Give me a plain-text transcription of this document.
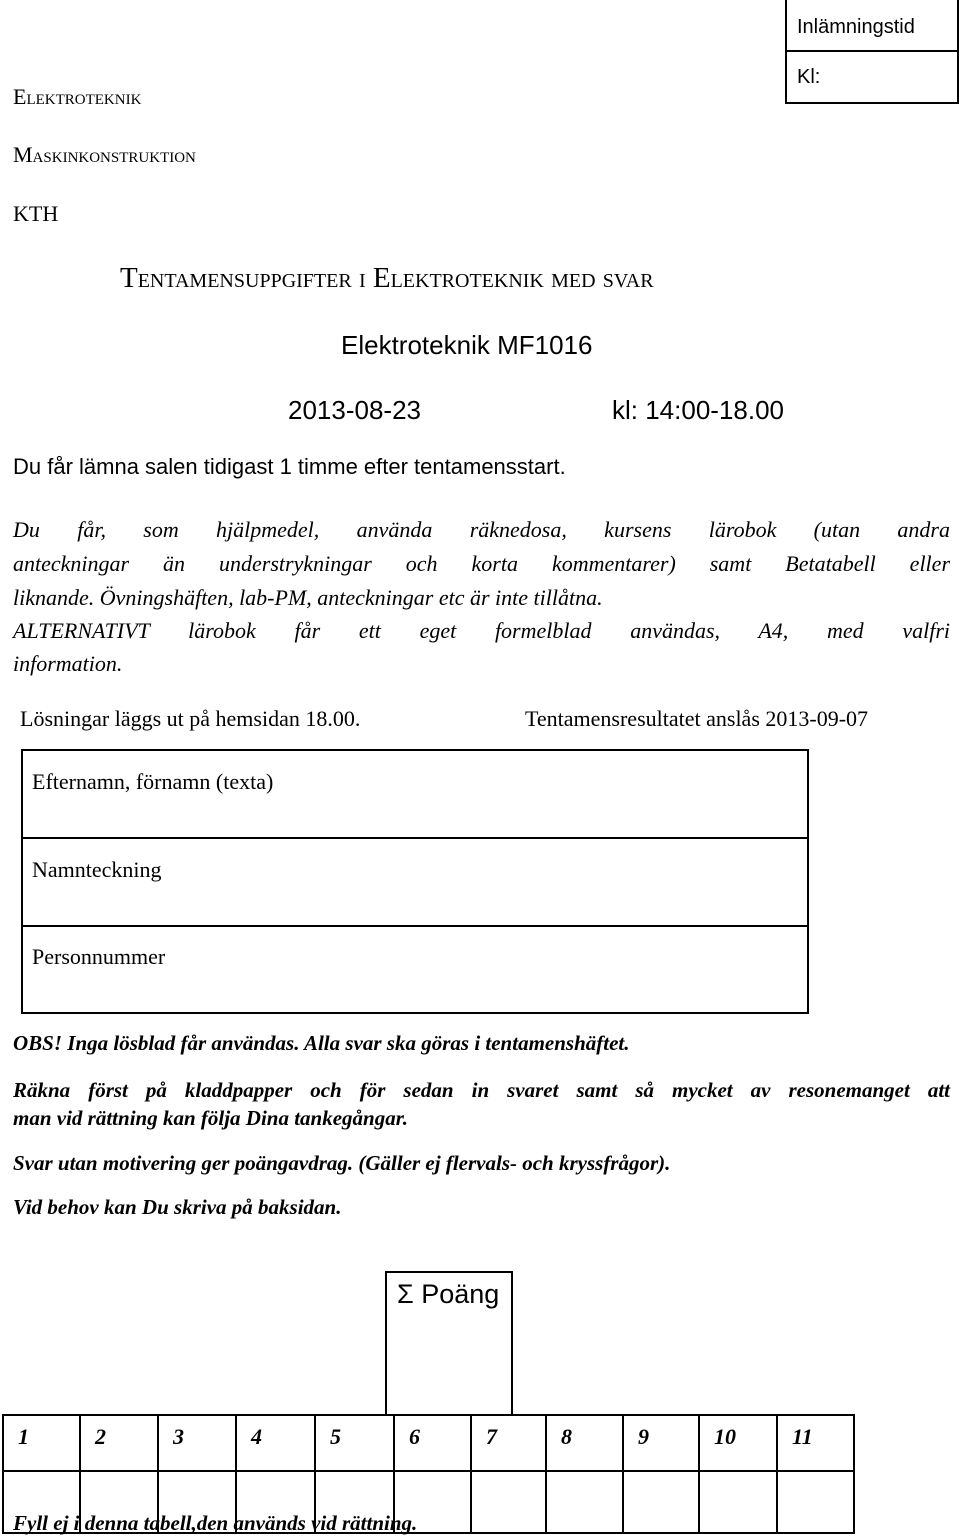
Inlämningstid
Kl:
Elektroteknik
Maskinkonstruktion
KTH
Tentamensuppgifter i Elektroteknik med svar
Elektroteknik MF1016
2013-08-23	kl: 14:00-18.00
Du får lämna salen tidigast 1 timme efter tentamensstart.
Du får, som hjälpmedel, använda räknedosa, kursens lärobok (utan andra
anteckningar än understrykningar och korta kommentarer) samt Betatabell eller
liknande. Övningshäften, lab-PM, anteckningar etc är inte tillåtna.
ALTERNATIVT lärobok får ett eget formelblad användas, A4, med valfri
information.
Lösningar läggs ut på hemsidan 18.00.	Tentamensresultatet anslås 2013-09-07
Efternamn, förnamn (texta)
Namnteckning
Personnummer
OBS! Inga lösblad får användas. Alla svar ska göras i tentamenshäftet.
Räkna först på kladdpapper och för sedan in svaret samt så mycket av resonemanget att
man vid rättning kan följa Dina tankegångar.
Svar utan motivering ger poängavdrag. (Gäller ej flervals- och kryssfrågor).
Vid behov kan Du skriva på baksidan.
Σ Poäng
1	2	3	4	5	6	7	8	9	10	11
Fyll ej i denna tabell,den används vid rättning.
